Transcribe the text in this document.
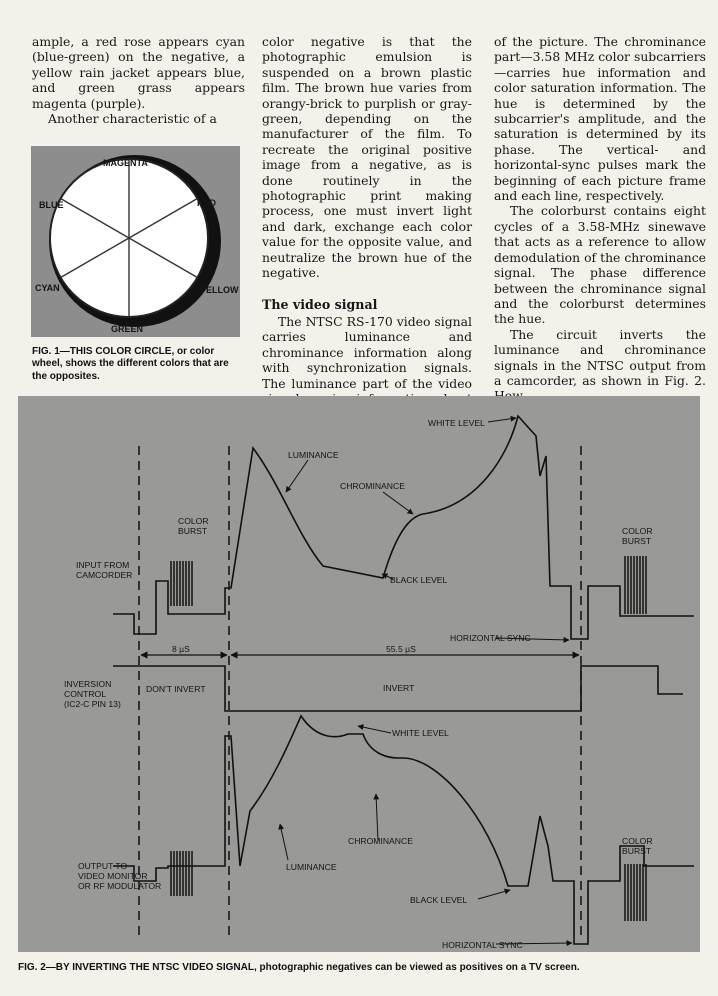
ample, a red rose appears cyan (blue-green) on the negative, a yellow rain jacket appears blue, and green grass appears magenta (purple).

Another characteristic of a

MAGENTA
RED
YELLOW
GREEN
CYAN
BLUE
FIG. 1—THIS COLOR CIRCLE, or color wheel, shows the different colors that are the opposites.

color negative is that the photographic emulsion is suspended on a brown plastic film. The brown hue varies from orangy-brick to purplish or gray-green, depending on the manufacturer of the film. To recreate the original positive image from a negative, as is done routinely in the photographic print making process, one must invert light and dark, exchange each color value for the opposite value, and neutralize the brown hue of the negative.

The video signal

The NTSC RS-170 video signal carries luminance and chrominance information along with synchronization signals. The luminance part of the video

of the picture. The chrominance part—3.58 MHz color subcarriers—carries hue information and color saturation information. The hue is determined by the subcarrier's amplitude, and the saturation is determined by its phase. The vertical- and horizontal-sync pulses mark the beginning of each picture frame and each line, respectively.

The colorburst contains eight cycles of a 3.58-MHz sinewave that acts as a reference to allow demodulation of the chrominance signal. The phase difference between the chrominance signal and the colorburst determines the hue.

The circuit inverts the luminance and chrominance signals in the NTSC output from a camcorder, as shown in Fig. 2.

WHITE LEVEL
LUMINANCE
CHROMINANCE
COLOR BURST	COLOR BURST
INPUT FROM CAMCORDER	BLACK LEVEL
HORIZONTAL SYNC
8 µS	55.5 µS
INVERSION CONTROL (IC2-C PIN 13)
DON'T INVERT	INVERT
WHITE LEVEL
CHROMINANCE
LUMINANCE
COLOR BURST
OUTPUT TO VIDEO MONITOR OR RF MODULATOR
BLACK LEVEL
HORIZONTAL SYNC
FIG. 2—BY INVERTING THE NTSC VIDEO SIGNAL, photographic negatives can be viewed as positives on a TV screen.
